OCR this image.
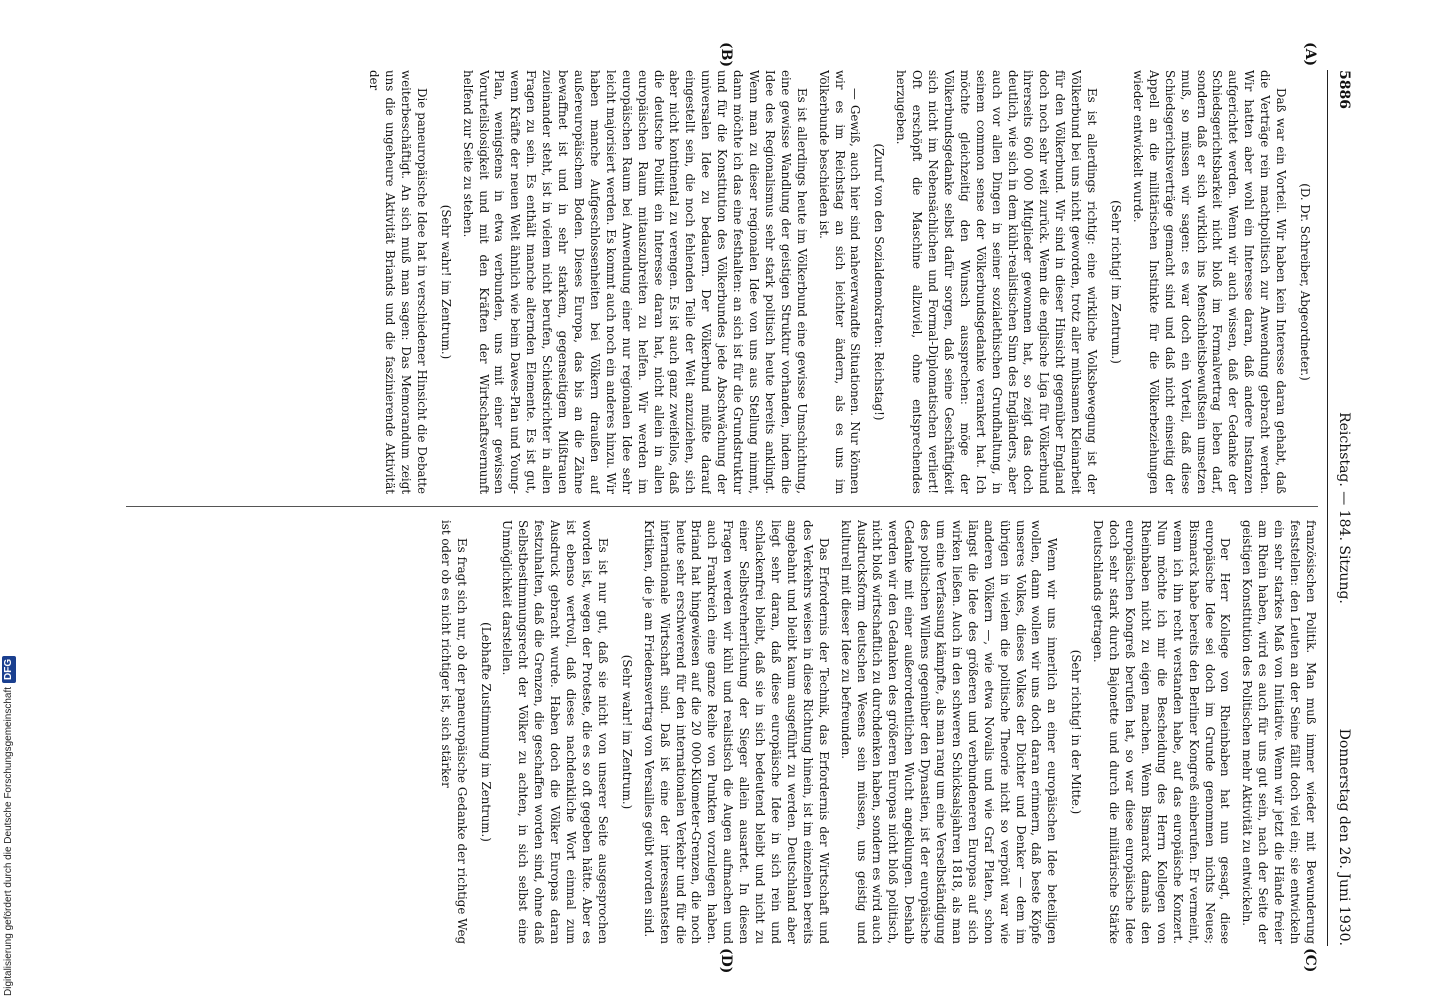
5886
Reichstag. — 184. Sitzung.
Donnerstag den 26. Juni 1930.
(A)
(B)
(C)
(D)

(D. Dr. Schreiber, Abgeordneter.)

Daß war ein Vorteil. Wir haben kein Interesse daran gehabt, daß die Verträge rein machtpolitisch zur Anwendung gebracht werden. Wir hatten aber wohl ein Interesse daran, daß andere Instanzen aufgerichtet werden. Wenn wir auch wissen, daß der Gedanke der Schiedsgerichtsbarkeit nicht bloß im Formalvertrag leben darf, sondern daß er sich wirklich ins Menschheitsbewußtsein umsetzen muß, so müssen wir sagen: es war doch ein Vorteil, daß diese Schiedsgerichtsverträge gemacht sind und daß nicht einseitig der Appell an die militärischen Instinkte für die Völkerbeziehungen wieder entwickelt wurde.

(Sehr richtig! im Zentrum.)

Es ist allerdings richtig: eine wirkliche Volksbewegung ist der Völkerbund bei uns nicht geworden, trotz aller mühsamen Kleinarbeit für den Völkerbund. Wir sind in dieser Hinsicht gegenüber England doch noch sehr weit zurück. Wenn die englische Liga für Völkerbund ihrerseits 600 000 Mitglieder gewonnen hat, so zeigt das doch deutlich, wie sich in dem kühl-realistischen Sinn des Engländers, aber auch vor allen Dingen in seiner sozialethischen Grundhaltung, in seinem common sense der Völkerbundsgedanke verankert hat. Ich möchte gleichzeitig den Wunsch aussprechen: möge der Völkerbundsgedanke selbst dafür sorgen, daß seine Geschäftigkeit sich nicht im Nebensächlichen und Formal-Diplomatischen verliert! Oft erschöpft die Maschine allzuviel, ohne entsprechendes herzugeben.

(Zuruf von den Sozialdemokraten: Reichstag!)

— Gewiß, auch hier sind naheverwandte Situationen. Nur können wir es im Reichstag an sich leichter ändern, als es uns im Völkerbunde beschieden ist.

Es ist allerdings heute im Völkerbund eine gewisse Umschichtung, eine gewisse Wandlung der geistigen Struktur vorhanden, indem die Idee des Regionalismus sehr stark politisch heute bereits anklingt. Wenn man zu dieser regionalen Idee von uns aus Stellung nimmt, dann möchte ich das eine festhalten: an sich ist für die Grundstruktur und für die Konstitution des Völkerbundes jede Abschwächung der universalen Idee zu bedauern. Der Völkerbund müßte darauf eingestellt sein, die noch fehlenden Teile der Welt anzuziehen, sich aber nicht kontinental zu verengen. Es ist auch ganz zweifellos, daß die deutsche Politik ein Interesse daran hat, nicht allein in allen europäischen Raum mitauszubreiten zu helfen. Wir werden im europäischen Raum bei Anwendung einer nur regionalen Idee sehr leicht majorisiert werden. Es kommt auch noch ein anderes hinzu. Wir haben manche Aufgeschlossenheiten bei Völkern draußen auf außereuropäischem Boden. Dieses Europa, das bis an die Zähne bewaffnet ist und in sehr starkem, gegenseitigem Mißtrauen zueinander steht, ist in vielem nicht berufen, Schiedsrichter in allen Fragen zu sein. Es enthält manche alternden Elemente. Es ist gut, wenn Kräfte der neuen Welt ähnlich wie beim Dawes-Plan und Young-Plan, wenigstens in etwa verbunden, uns mit einer gewissen Vorurteilslosigkeit und mit den Kräften der Wirtschaftsvernunft helfend zur Seite zu stehen.

(Sehr wahr! im Zentrum.)

Die paneuropäische Idee hat in verschiedener Hinsicht die Debatte weiterbeschäftigt. An sich muß man sagen: Das Memorandum zeigt uns die ungeheure Aktivität Briands und die faszinierende Aktivität der

französischen Politik. Man muß immer wieder mit Bewunderung feststellen: den Leuten an der Seine fällt doch viel ein; sie entwickeln ein sehr starkes Maß von Initiative. Wenn wir jetzt die Hände freier am Rhein haben, wird es auch für uns gut sein, nach der Seite der geistigen Konstitution des Politischen mehr Aktivität zu entwickeln.

Der Herr Kollege von Rheinbaben hat nun gesagt, diese europäische Idee sei doch im Grunde genommen nichts Neues; Bismarck habe bereits den Berliner Kongreß einberufen. Er vermeint, wenn ich ihn recht verstanden habe, auf das europäische Konzert. Nun möchte ich mir die Bescheidung des Herrn Kollegen von Rheinbaben nicht zu eigen machen. Wenn Bismarck damals den europäischen Kongreß berufen hat, so war diese europäische Idee doch sehr stark durch Bajonette und durch die militärische Stärke Deutschlands getragen.

(Sehr richtig! in der Mitte.)

Wenn wir uns innerlich an einer europäischen Idee beteiligen wollen, dann wollen wir uns doch daran erinnern, daß beste Köpfe unseres Volkes, dieses Volkes der Dichter und Denker — dem im übrigen in vielem die politische Theorie nicht so verpönt war wie anderen Völkern —, wie etwa Novalis und wie Graf Platen, schon längst die Idee des größeren und verbundeneren Europas auf sich wirken ließen. Auch in den schweren Schicksalsjahren 1818, als man um eine Verfassung kämpfte, als man rang um eine Verselbständigung des politischen Willens gegenüber den Dynastien, ist der europäische Gedanke mit einer außerordentlichen Wucht angeklungen. Deshalb werden wir den Gedanken des größeren Europas nicht bloß politisch, nicht bloß wirtschaftlich zu durchdenken haben, sondern es wird auch Ausdrucksform deutschen Wesens sein müssen, uns geistig und kulturell mit dieser Idee zu befreunden.

Das Erfordernis der Technik, das Erfordernis der Wirtschaft und des Verkehrs weisen in diese Richtung hinein, ist im einzelnen bereits angebahnt und bleibt kaum ausgeführt zu werden. Deutschland aber liegt sehr daran, daß diese europäische Idee in sich rein und schlackenfrei bleibt, daß sie in sich bedeutend bleibt und nicht zu einer Selbstverherrlichung der Sieger allein ausartet. In diesen Fragen werden wir kühl und realistisch die Augen aufmachen und auch Frankreich eine ganze Reihe von Punkten vorzulegen haben. Briand hat hingewiesen auf die 20 000-Kilometer-Grenzen, die noch heute sehr erschwerend für den internationalen Verkehr und für die internationale Wirtschaft sind. Daß ist eine der interessantesten Kritiken, die je am Friedensvertrag von Versailles geübt worden sind.

(Sehr wahr! im Zentrum.)

Es ist nur gut, daß sie nicht von unserer Seite ausgesprochen worden ist, wegen der Proteste, die es so oft gegeben hätte. Aber es ist ebenso wertvoll, daß dieses nachdenkliche Wort einmal zum Ausdruck gebracht wurde. Haben doch die Völker Europas daran festzuhalten, daß die Grenzen, die geschaffen worden sind, ohne daß Selbstbestimmungsrecht der Völker zu achten, in sich selbst eine Unmöglichkeit darstellen.

(Lebhafte Zustimmung im Zentrum.)

Es fragt sich nur, ob der paneuropäische Gedanke der richtige Weg ist oder ob es nicht richtiger ist, sich stärker

Digitalisierung gefördert durch die Deutsche ForschungsgemeinschaftDFG
